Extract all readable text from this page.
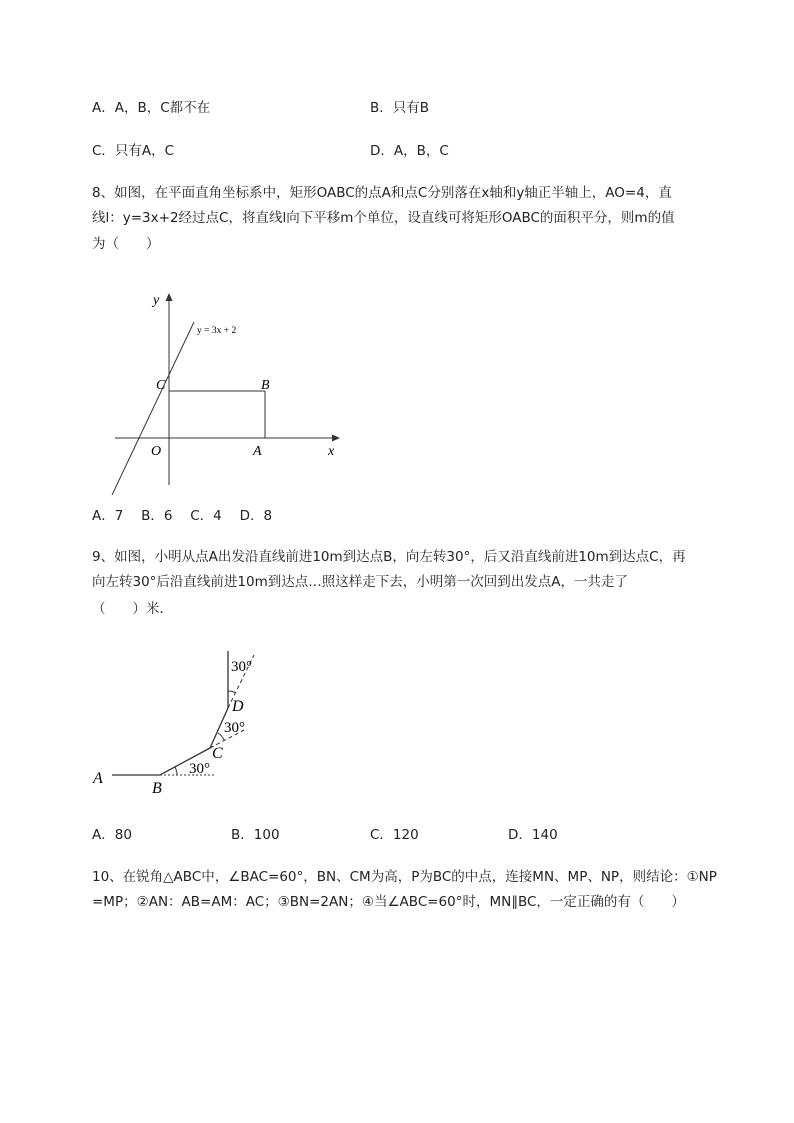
A．A，B，C都不在	B．只有B
C．只有A，C	D．A，B，C
8、如图，在平面直角坐标系中，矩形OABC的点A和点C分别落在x轴和y轴正半轴上，AO=4，直
线l：y=3x+2经过点C，将直线l向下平移m个单位，设直线可将矩形OABC的面积平分，则m的值
为（　　）
y
x
O	A
B
C
y = 3x + 2
A．7　 B．6　 C．4　 D．8
9、如图，小明从点A出发沿直线前进10m到达点B，向左转30°，后又沿直线前进10m到达点C，再
向左转30°后沿直线前进10m到达点…照这样走下去，小明第一次回到出发点A，一共走了
（　　）米．
A
B
C
D
30°
30°
30°
A．80	B．100	C．120	D．140
10、在锐角△ABC中，∠BAC=60°，BN、CM为高，P为BC的中点，连接MN、MP、NP，则结论：①NP
=MP；②AN：AB=AM：AC；③BN=2AN；④当∠ABC=60°时，MN∥BC，一定正确的有（　　）
